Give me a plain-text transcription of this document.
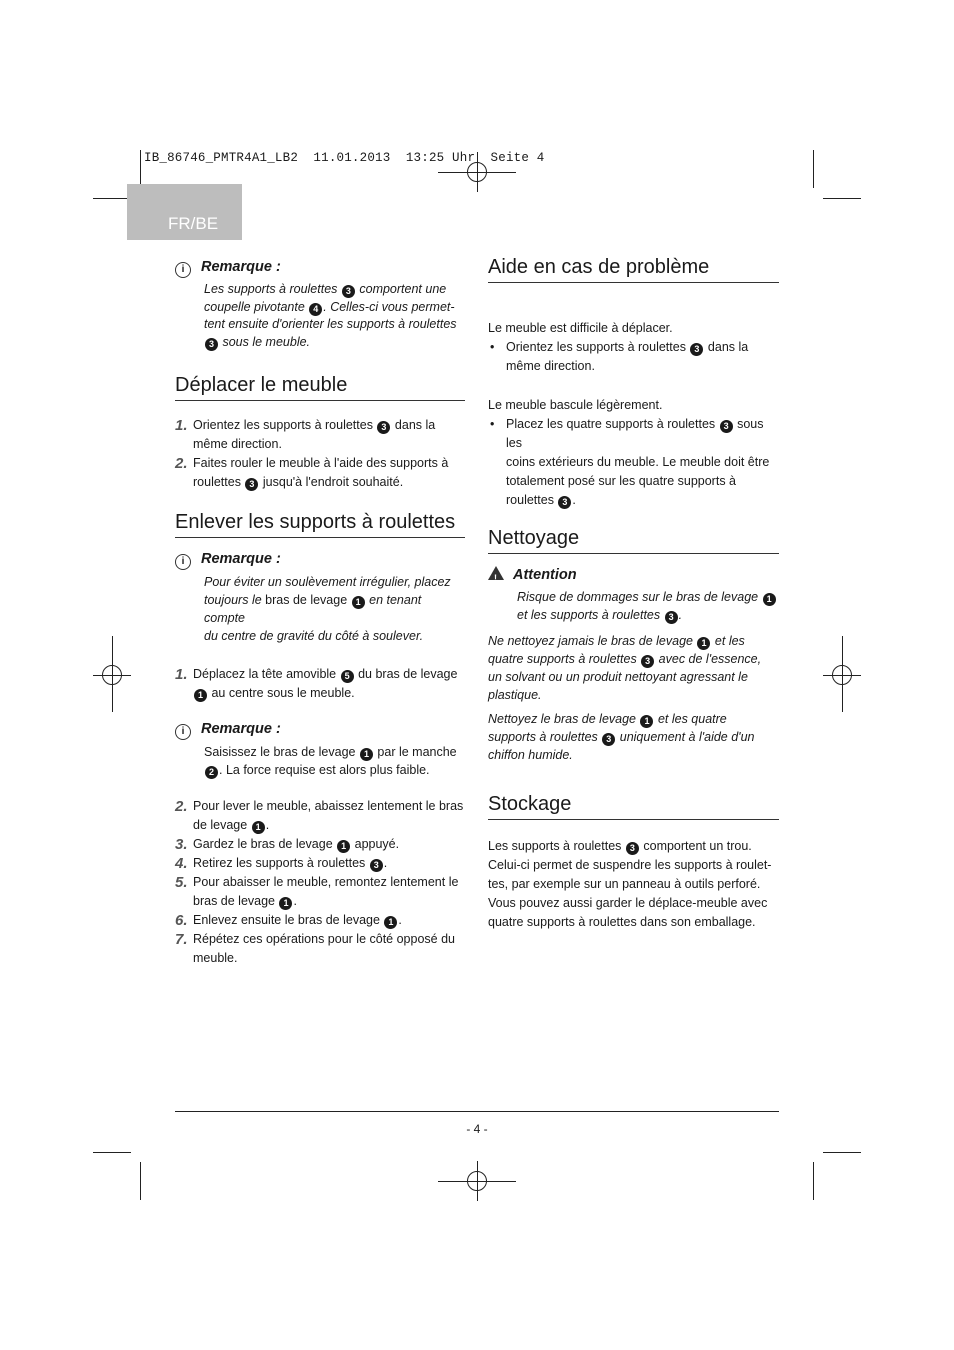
IB_86746_PMTR4A1_LB2  11.01.2013  13:25 Uhr  Seite 4
FR/BE
i Remarque :
Les supports à roulettes 3 comportent une
coupelle pivotante 4 . Celles-ci vous permet-
tent ensuite d'orienter les supports à roulettes
3 sous le meuble.
Déplacer le meuble
1. Orientez les supports à roulettes 3 dans la
même direction.
2. Faites rouler le meuble à l'aide des supports à
roulettes 3 jusqu'à l'endroit souhaité.
Enlever les supports à roulettes
i Remarque :
Pour éviter un soulèvement irrégulier, placez
toujours le bras de levage 1 en tenant compte
du centre de gravité du côté à soulever.
1. Déplacez la tête amovible 5 du bras de levage
1 au centre sous le meuble.
i Remarque :
Saisissez le bras de levage 1 par le manche
2 . La force requise est alors plus faible.
2. Pour lever le meuble, abaissez lentement le bras
de levage 1 .
3. Gardez le bras de levage 1 appuyé.
4. Retirez les supports à roulettes 3 .
5. Pour abaisser le meuble, remontez lentement le
bras de levage 1 .
6. Enlevez ensuite le bras de levage 1 .
7. Répétez ces opérations pour le côté opposé du
meuble.
Aide en cas de problème
Le meuble est difficile à déplacer.
• Orientez les supports à roulettes 3 dans la
même direction.
Le meuble bascule légèrement.
• Placez les quatre supports à roulettes 3 sous les
coins extérieurs du meuble. Le meuble doit être
totalement posé sur les quatre supports à
roulettes 3 .
Nettoyage
!Attention
Risque de dommages sur le bras de levage 1
et les supports à roulettes 3 .
Ne nettoyez jamais le bras de levage 1 et les
quatre supports à roulettes 3 avec de l'essence,
un solvant ou un produit nettoyant agressant le
plastique.
Nettoyez le bras de levage 1 et les quatre
supports à roulettes 3 uniquement à l'aide d'un
chiffon humide.
Stockage
Les supports à roulettes 3 comportent un trou.
Celui-ci permet de suspendre les supports à roulet-
tes, par exemple sur un panneau à outils perforé.
Vous pouvez aussi garder le déplace-meuble avec
quatre supports à roulettes dans son emballage.
- 4 -
